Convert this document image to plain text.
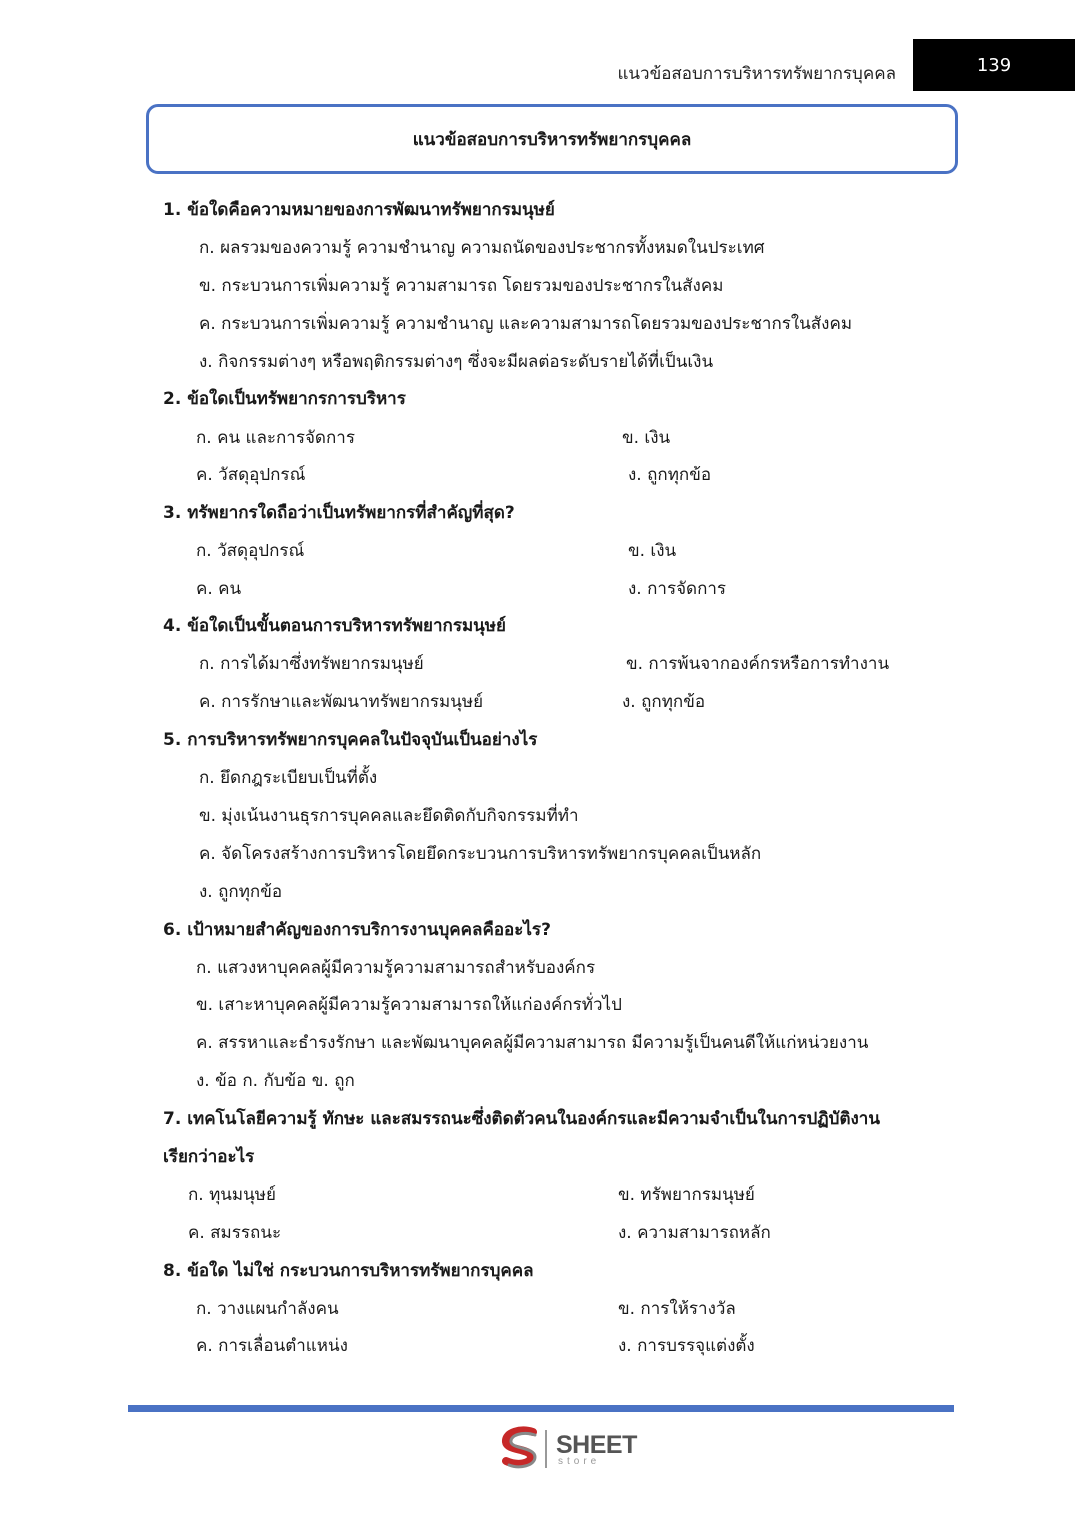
แนวข้อสอบการบริหารทรัพยากรบุคคล	139
แนวข้อสอบการบริหารทรัพยากรบุคคล
1. ข้อใดคือความหมายของการพัฒนาทรัพยากรมนุษย์
ก. ผลรวมของความรู้ ความชำนาญ ความถนัดของประชากรทั้งหมดในประเทศ
ข. กระบวนการเพิ่มความรู้ ความสามารถ โดยรวมของประชากรในสังคม
ค. กระบวนการเพิ่มความรู้ ความชำนาญ และความสามารถโดยรวมของประชากรในสังคม
ง. กิจกรรมต่างๆ หรือพฤติกรรมต่างๆ ซึ่งจะมีผลต่อระดับรายได้ที่เป็นเงิน
2. ข้อใดเป็นทรัพยากรการบริหาร
ก. คน และการจัดการ	ข. เงิน
ค. วัสดุอุปกรณ์	ง. ถูกทุกข้อ
3. ทรัพยากรใดถือว่าเป็นทรัพยากรที่สำคัญที่สุด?
ก. วัสดุอุปกรณ์	ข. เงิน
ค. คน	ง. การจัดการ
4. ข้อใดเป็นขั้นตอนการบริหารทรัพยากรมนุษย์
ก. การได้มาซึ่งทรัพยากรมนุษย์	ข. การพ้นจากองค์กรหรือการทำงาน
ค. การรักษาและพัฒนาทรัพยากรมนุษย์	ง. ถูกทุกข้อ
5. การบริหารทรัพยากรบุคคลในปัจจุบันเป็นอย่างไร
ก. ยึดกฎระเบียบเป็นที่ตั้ง
ข. มุ่งเน้นงานธุรการบุคคลและยึดติดกับกิจกรรมที่ทำ
ค. จัดโครงสร้างการบริหารโดยยึดกระบวนการบริหารทรัพยากรบุคคลเป็นหลัก
ง. ถูกทุกข้อ
6. เป้าหมายสำคัญของการบริการงานบุคคลคืออะไร?
ก. แสวงหาบุคคลผู้มีความรู้ความสามารถสำหรับองค์กร
ข. เสาะหาบุคคลผู้มีความรู้ความสามารถให้แก่องค์กรทั่วไป
ค. สรรหาและธำรงรักษา และพัฒนาบุคคลผู้มีความสามารถ มีความรู้เป็นคนดีให้แก่หน่วยงาน
ง. ข้อ ก. กับข้อ ข. ถูก
7. เทคโนโลยีความรู้ ทักษะ และสมรรถนะซึ่งติดตัวคนในองค์กรและมีความจำเป็นในการปฏิบัติงาน
เรียกว่าอะไร
ก. ทุนมนุษย์	ข. ทรัพยากรมนุษย์
ค. สมรรถนะ	ง. ความสามารถหลัก
8. ข้อใด ไม่ใช่ กระบวนการบริหารทรัพยากรบุคคล
ก. วางแผนกำลังคน	ข. การให้รางวัล
ค. การเลื่อนตำแหน่ง	ง. การบรรจุแต่งตั้ง
SHEET
store
